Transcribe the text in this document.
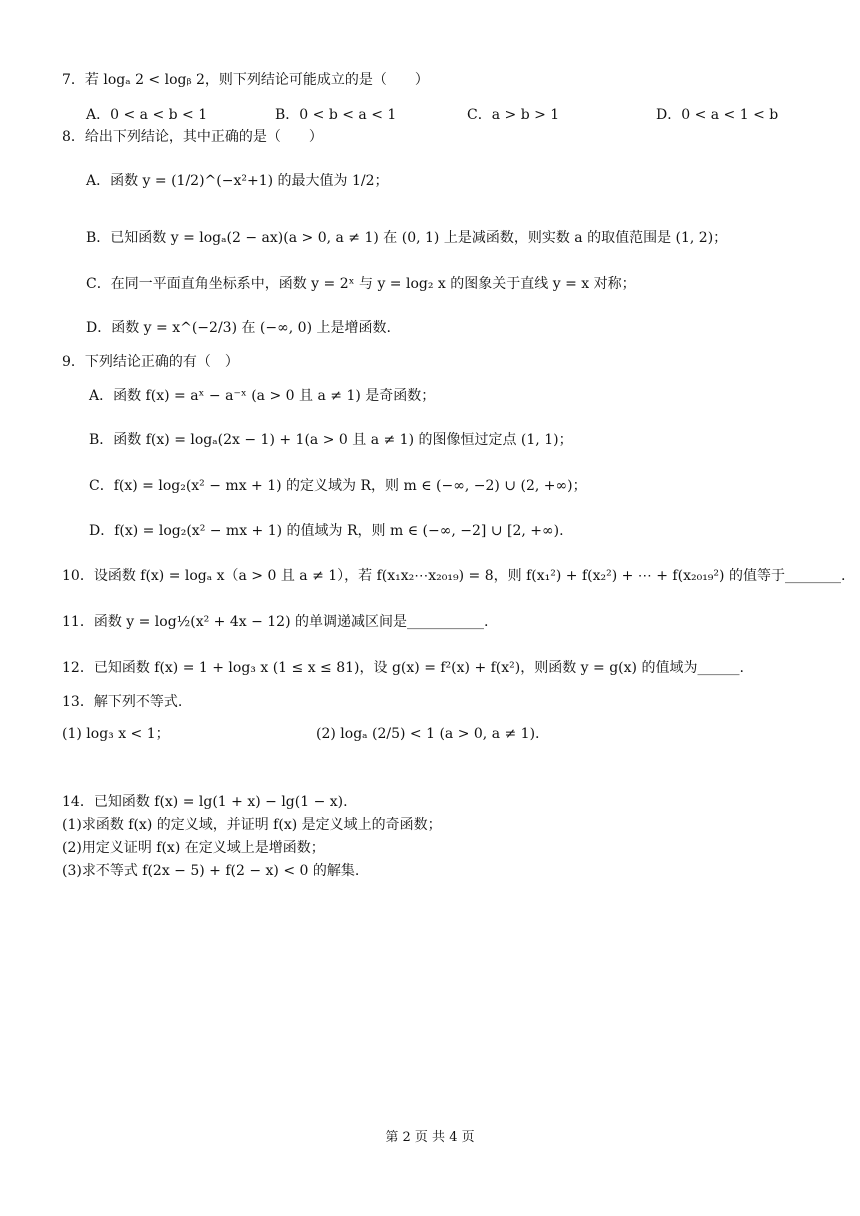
7．若 logₐ 2 < logᵦ 2，则下列结论可能成立的是（　　）
A．0 < a < b < 1	B．0 < b < a < 1	C．a > b > 1	D．0 < a < 1 < b
8．给出下列结论，其中正确的是（　　）
A．函数 y = (1/2)^(−x²+1) 的最大值为 1/2；
B．已知函数 y = logₐ(2 − ax)(a > 0, a ≠ 1) 在 (0, 1) 上是减函数，则实数 a 的取值范围是 (1, 2)；
C．在同一平面直角坐标系中，函数 y = 2ˣ 与 y = log₂ x 的图象关于直线 y = x 对称；
D．函数 y = x^(−2/3) 在 (−∞, 0) 上是增函数.
9．下列结论正确的有（　）
A．函数 f(x) = aˣ − a⁻ˣ (a > 0 且 a ≠ 1) 是奇函数；
B．函数 f(x) = logₐ(2x − 1) + 1(a > 0 且 a ≠ 1) 的图像恒过定点 (1, 1)；
C．f(x) = log₂(x² − mx + 1) 的定义域为 R，则 m ∈ (−∞, −2) ∪ (2, +∞)；
D．f(x) = log₂(x² − mx + 1) 的值域为 R，则 m ∈ (−∞, −2] ∪ [2, +∞).
10．设函数 f(x) = logₐ x（a > 0 且 a ≠ 1），若 f(x₁x₂⋯x₂₀₁₉) = 8，则 f(x₁²) + f(x₂²) + ⋯ + f(x₂₀₁₉²) 的值等于________.
11．函数 y = log½(x² + 4x − 12) 的单调递减区间是___________.
12．已知函数 f(x) = 1 + log₃ x (1 ≤ x ≤ 81)，设 g(x) = f²(x) + f(x²)，则函数 y = g(x) 的值域为______.
13．解下列不等式.
(1) log₃ x < 1；	(2) logₐ (2/5) < 1 (a > 0, a ≠ 1).
14．已知函数 f(x) = lg(1 + x) − lg(1 − x).
(1)求函数 f(x) 的定义域，并证明 f(x) 是定义域上的奇函数；
(2)用定义证明 f(x) 在定义域上是增函数；
(3)求不等式 f(2x − 5) + f(2 − x) < 0 的解集.
第 2 页 共 4 页
